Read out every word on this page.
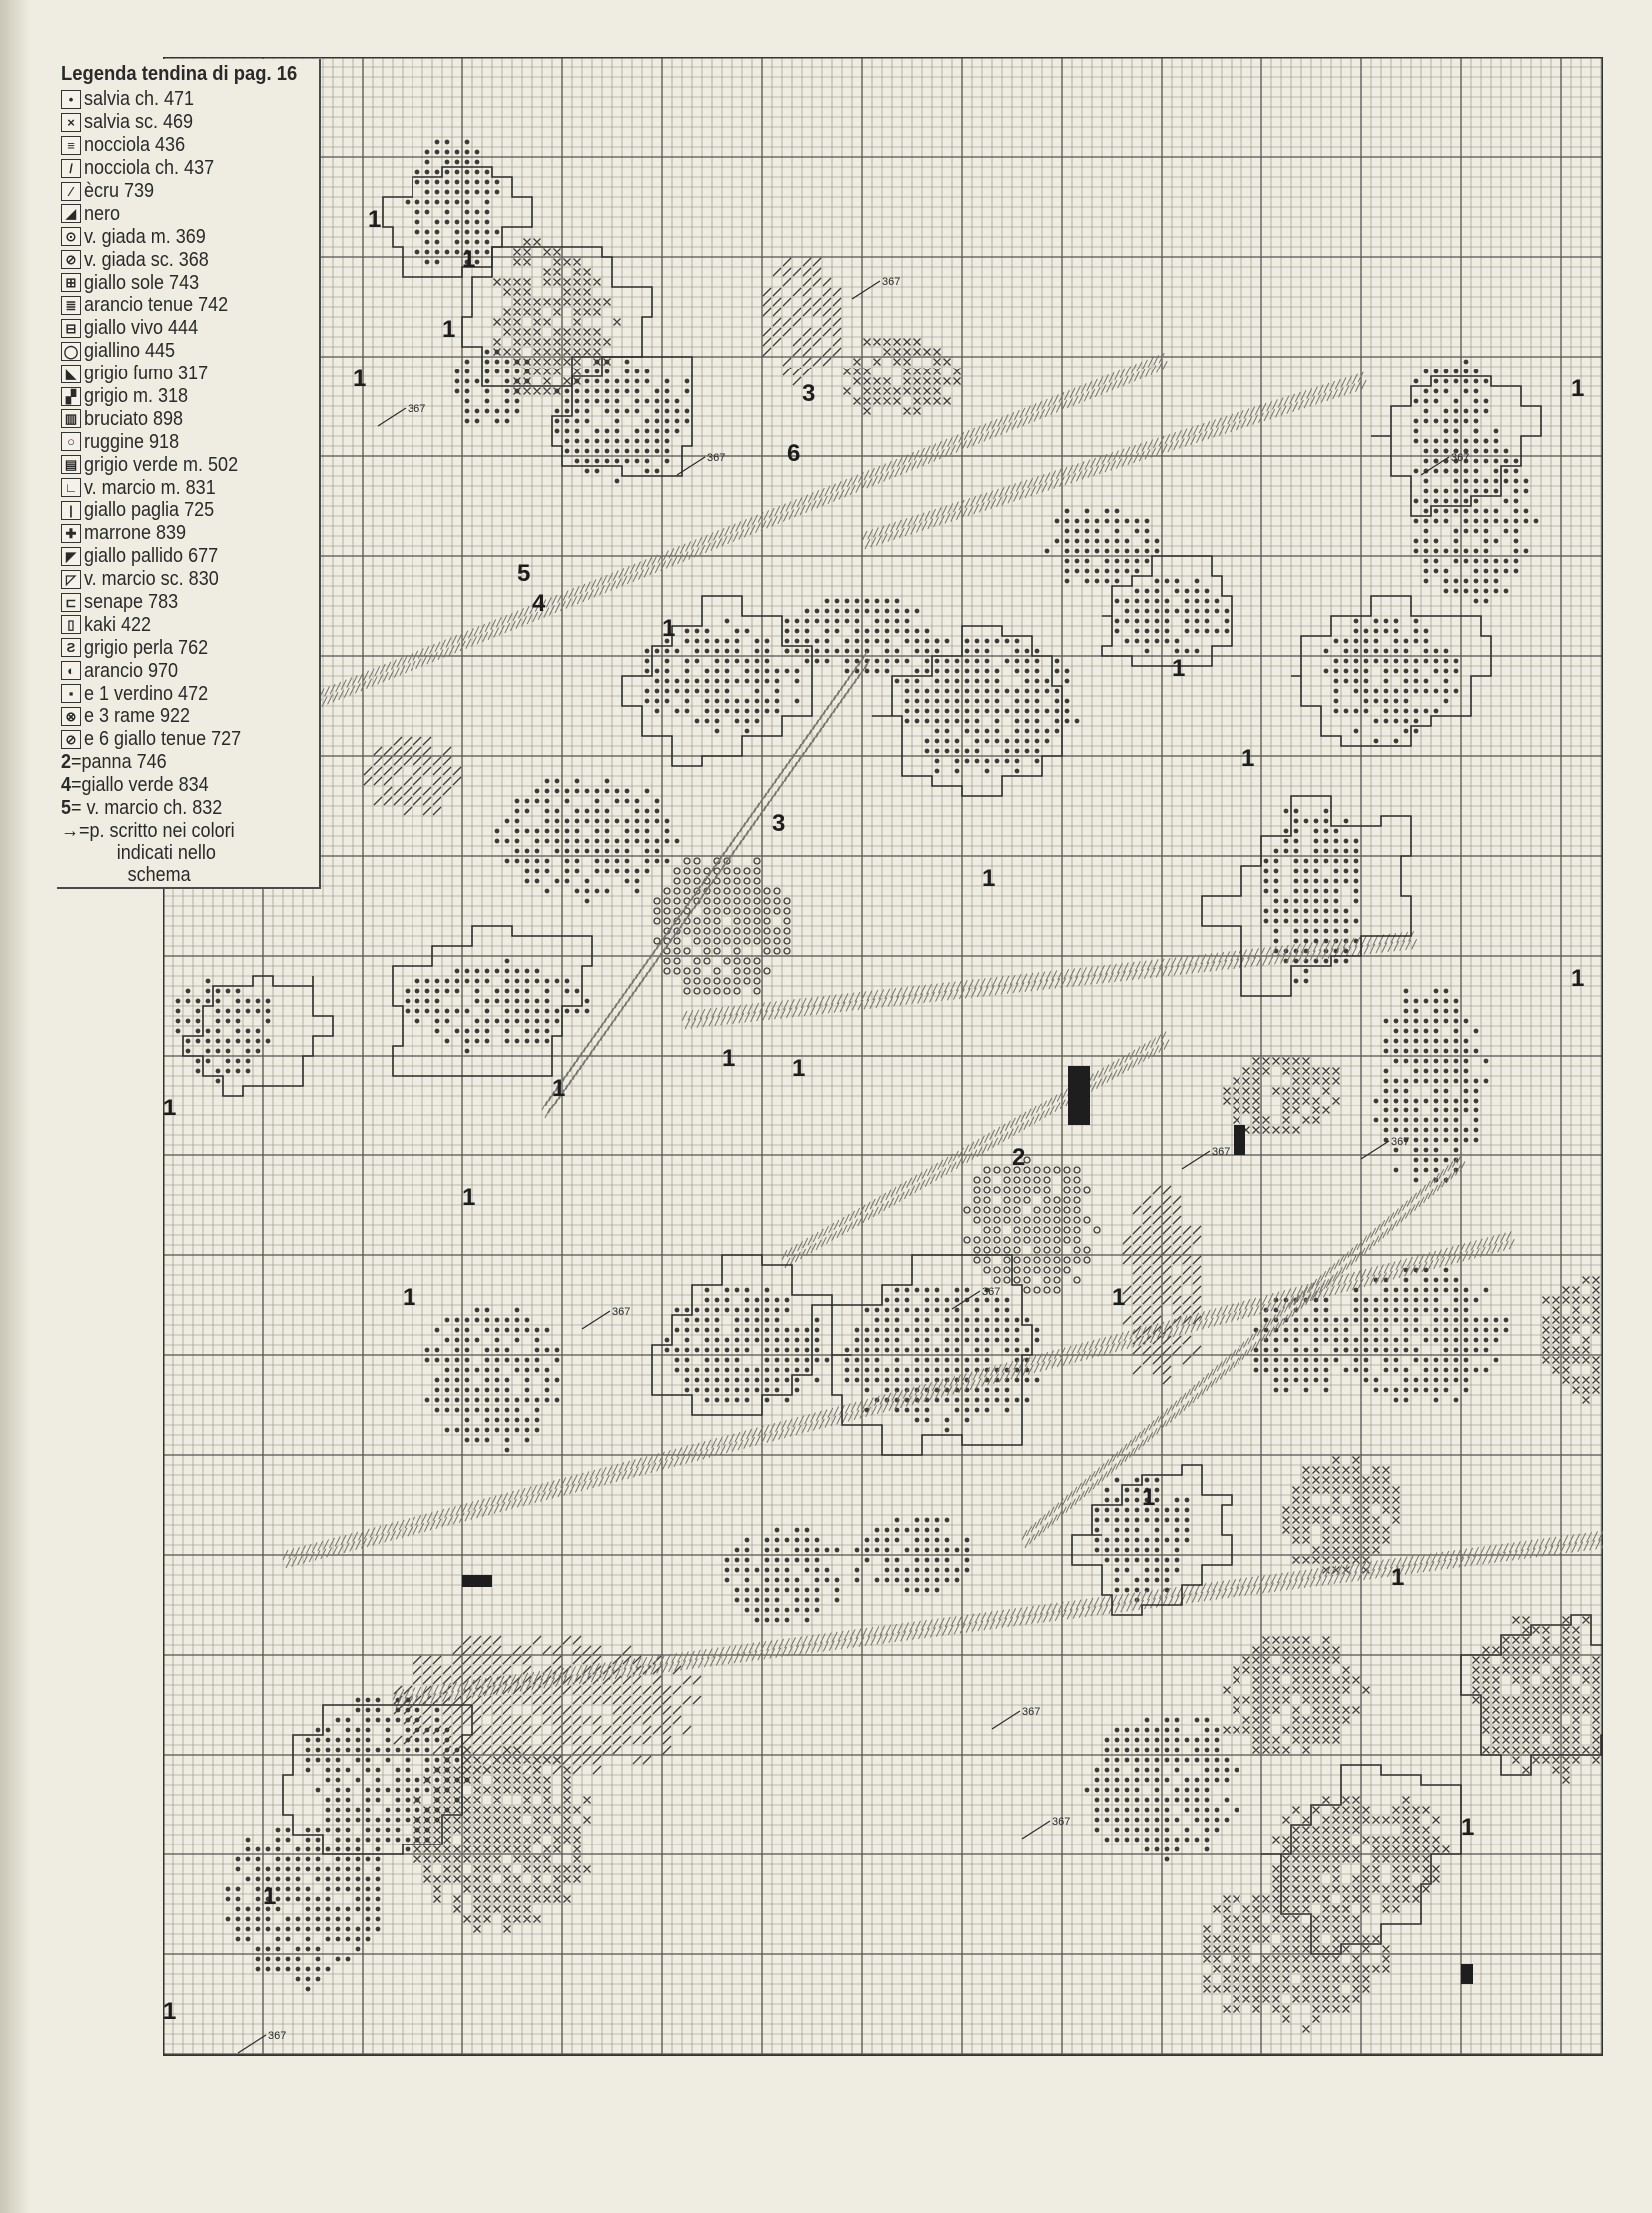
1
1
1
1
1
3
6
1
1
1
5
4
3
1
1
1
2
1
1
1
1
1	1
1
1
1
1
1
367
367
367
367
367
367
367
367
367
367
367
Legenda tendina di pag. 16
• salvia ch. 471
× salvia sc. 469
≡ nocciola 436
/ nocciola ch. 437
∕ ècru 739
◢ nero
⊙ v. giada m. 369
⊘ v. giada sc. 368
⊞ giallo sole 743
≣ arancio tenue 742
⊟ giallo vivo 444
◯ giallino 445
◣ grigio fumo 317
▞ grigio m. 318
▥ bruciato 898
○ ruggine 918
▤ grigio verde m. 502
∟ v. marcio m. 831
| giallo paglia 725
✚ marrone 839
◤ giallo pallido 677
◸ v. marcio sc. 830
⊏ senape 783
▯ kaki 422
Ƨ grigio perla 762
◐ arancio 970
▪ e 1 verdino 472
⊗ e 3 rame 922
⊘ e 6 giallo tenue 727
2=panna 746
4=giallo verde 834
5= v. marcio ch. 832
→=p. scritto nei colori
indicati nello
schema
